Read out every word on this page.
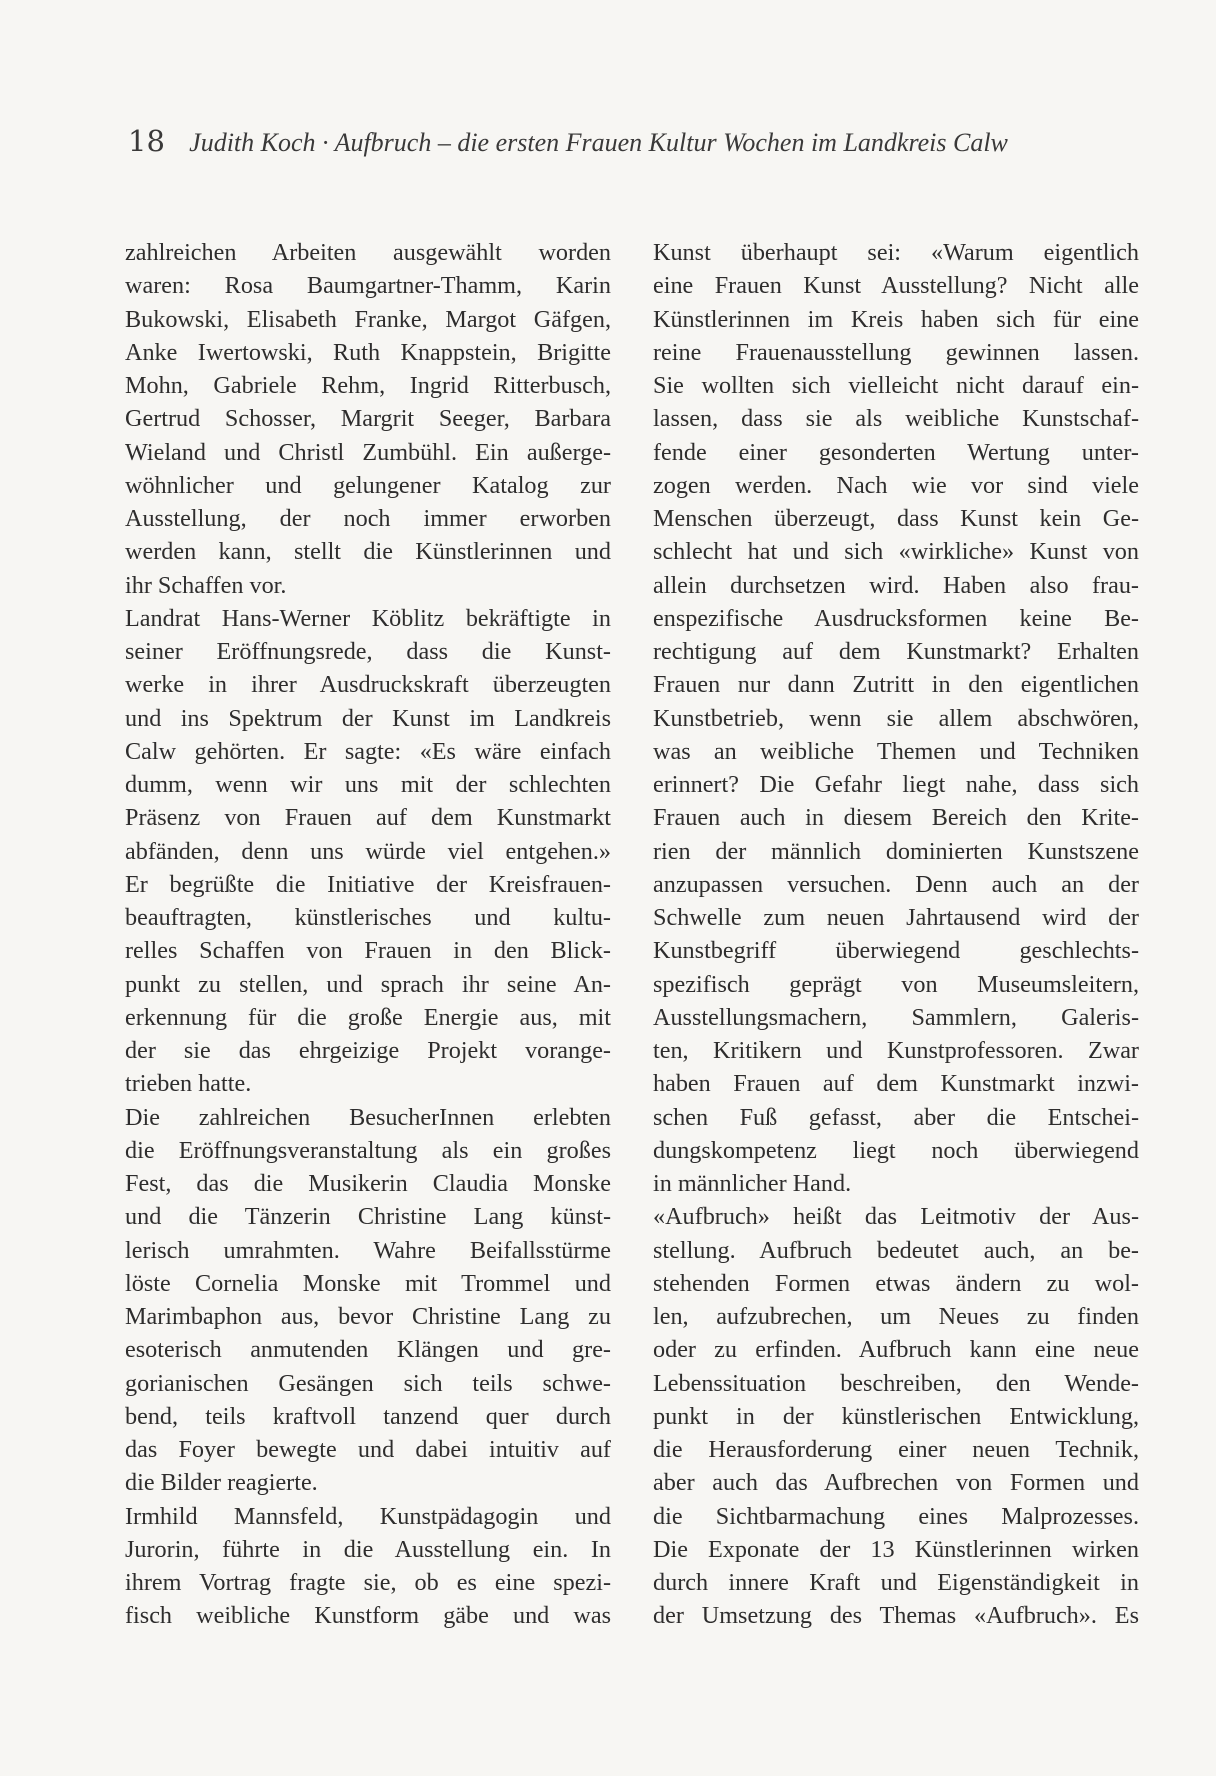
18 Judith Koch · Aufbruch – die ersten Frauen Kultur Wochen im Landkreis Calw
zahlreichen Arbeiten ausgewählt worden
waren: Rosa Baumgartner-Thamm, Karin
Bukowski, Elisabeth Franke, Margot Gäfgen,
Anke Iwertowski, Ruth Knappstein, Brigitte
Mohn, Gabriele Rehm, Ingrid Ritterbusch,
Gertrud Schosser, Margrit Seeger, Barbara
Wieland und Christl Zumbühl. Ein außerge-
wöhnlicher und gelungener Katalog zur
Ausstellung, der noch immer erworben
werden kann, stellt die Künstlerinnen und
ihr Schaffen vor.
Landrat Hans-Werner Köblitz bekräftigte in
seiner Eröffnungsrede, dass die Kunst-
werke in ihrer Ausdruckskraft überzeugten
und ins Spektrum der Kunst im Landkreis
Calw gehörten. Er sagte: «Es wäre einfach
dumm, wenn wir uns mit der schlechten
Präsenz von Frauen auf dem Kunstmarkt
abfänden, denn uns würde viel entgehen.»
Er begrüßte die Initiative der Kreisfrauen-
beauftragten, künstlerisches und kultu-
relles Schaffen von Frauen in den Blick-
punkt zu stellen, und sprach ihr seine An-
erkennung für die große Energie aus, mit
der sie das ehrgeizige Projekt vorange-
trieben hatte.
Die zahlreichen BesucherInnen erlebten
die Eröffnungsveranstaltung als ein großes
Fest, das die Musikerin Claudia Monske
und die Tänzerin Christine Lang künst-
lerisch umrahmten. Wahre Beifallsstürme
löste Cornelia Monske mit Trommel und
Marimbaphon aus, bevor Christine Lang zu
esoterisch anmutenden Klängen und gre-
gorianischen Gesängen sich teils schwe-
bend, teils kraftvoll tanzend quer durch
das Foyer bewegte und dabei intuitiv auf
die Bilder reagierte.
Irmhild Mannsfeld, Kunstpädagogin und
Jurorin, führte in die Ausstellung ein. In
ihrem Vortrag fragte sie, ob es eine spezi-
fisch weibliche Kunstform gäbe und was
Kunst überhaupt sei: «Warum eigentlich
eine Frauen Kunst Ausstellung? Nicht alle
Künstlerinnen im Kreis haben sich für eine
reine Frauenausstellung gewinnen lassen.
Sie wollten sich vielleicht nicht darauf ein-
lassen, dass sie als weibliche Kunstschaf-
fende einer gesonderten Wertung unter-
zogen werden. Nach wie vor sind viele
Menschen überzeugt, dass Kunst kein Ge-
schlecht hat und sich «wirkliche» Kunst von
allein durchsetzen wird. Haben also frau-
enspezifische Ausdrucksformen keine Be-
rechtigung auf dem Kunstmarkt? Erhalten
Frauen nur dann Zutritt in den eigentlichen
Kunstbetrieb, wenn sie allem abschwören,
was an weibliche Themen und Techniken
erinnert? Die Gefahr liegt nahe, dass sich
Frauen auch in diesem Bereich den Krite-
rien der männlich dominierten Kunstszene
anzupassen versuchen. Denn auch an der
Schwelle zum neuen Jahrtausend wird der
Kunstbegriff überwiegend geschlechts-
spezifisch geprägt von Museumsleitern,
Ausstellungsmachern, Sammlern, Galeris-
ten, Kritikern und Kunstprofessoren. Zwar
haben Frauen auf dem Kunstmarkt inzwi-
schen Fuß gefasst, aber die Entschei-
dungskompetenz liegt noch überwiegend
in männlicher Hand.
«Aufbruch» heißt das Leitmotiv der Aus-
stellung. Aufbruch bedeutet auch, an be-
stehenden Formen etwas ändern zu wol-
len, aufzubrechen, um Neues zu finden
oder zu erfinden. Aufbruch kann eine neue
Lebenssituation beschreiben, den Wende-
punkt in der künstlerischen Entwicklung,
die Herausforderung einer neuen Technik,
aber auch das Aufbrechen von Formen und
die Sichtbarmachung eines Malprozesses.
Die Exponate der 13 Künstlerinnen wirken
durch innere Kraft und Eigenständigkeit in
der Umsetzung des Themas «Aufbruch». Es
